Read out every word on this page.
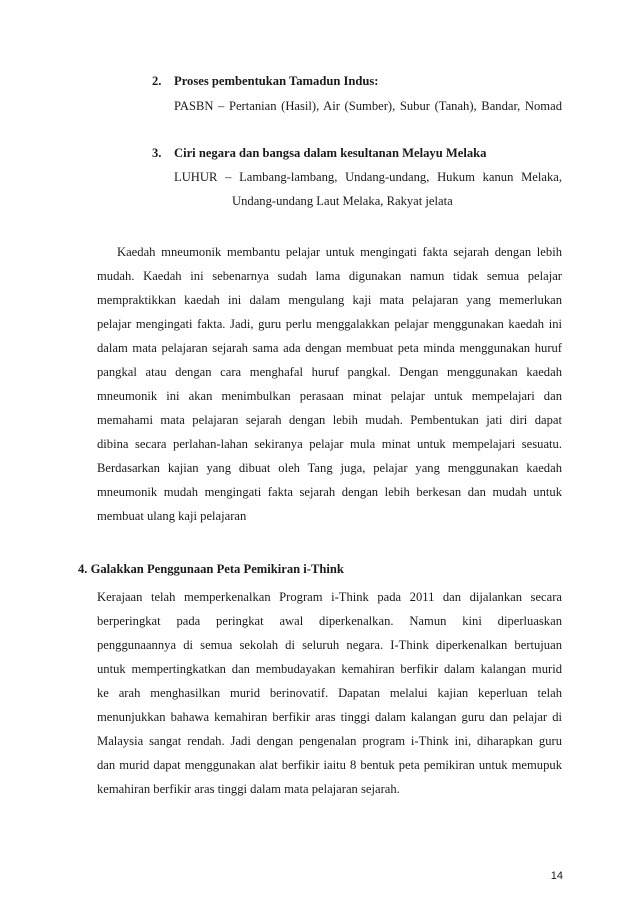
2. Proses pembentukan Tamadun Indus:
PASBN – Pertanian (Hasil), Air (Sumber), Subur (Tanah), Bandar, Nomad
3. Ciri negara dan bangsa dalam kesultanan Melayu Melaka
LUHUR – Lambang-lambang, Undang-undang, Hukum kanun Melaka,
Undang-undang Laut Melaka, Rakyat jelata
Kaedah mneumonik membantu pelajar untuk mengingati fakta sejarah dengan lebih
mudah. Kaedah ini sebenarnya sudah lama digunakan namun tidak semua pelajar
mempraktikkan kaedah ini dalam mengulang kaji mata pelajaran yang memerlukan
pelajar mengingati fakta. Jadi, guru perlu menggalakkan pelajar menggunakan kaedah ini
dalam mata pelajaran sejarah sama ada dengan membuat peta minda menggunakan huruf
pangkal atau dengan cara menghafal huruf pangkal. Dengan menggunakan kaedah
mneumonik ini akan menimbulkan perasaan minat pelajar untuk mempelajari dan
memahami mata pelajaran sejarah dengan lebih mudah. Pembentukan jati diri dapat
dibina secara perlahan-lahan sekiranya pelajar mula minat untuk mempelajari sesuatu.
Berdasarkan kajian yang dibuat oleh Tang juga, pelajar yang menggunakan kaedah
mneumonik mudah mengingati fakta sejarah dengan lebih berkesan dan mudah untuk
membuat ulang kaji pelajaran
4. Galakkan Penggunaan Peta Pemikiran i-Think
Kerajaan telah memperkenalkan Program i-Think pada 2011 dan dijalankan secara
berperingkat pada peringkat awal diperkenalkan. Namun kini diperluaskan
penggunaannya di semua sekolah di seluruh negara. I-Think diperkenalkan bertujuan
untuk mempertingkatkan dan membudayakan kemahiran berfikir dalam kalangan murid
ke arah menghasilkan murid berinovatif. Dapatan melalui kajian keperluan telah
menunjukkan bahawa kemahiran berfikir aras tinggi dalam kalangan guru dan pelajar di
Malaysia sangat rendah. Jadi dengan pengenalan program i-Think ini, diharapkan guru
dan murid dapat menggunakan alat berfikir iaitu 8 bentuk peta pemikiran untuk memupuk
kemahiran berfikir aras tinggi dalam mata pelajaran sejarah.
14
